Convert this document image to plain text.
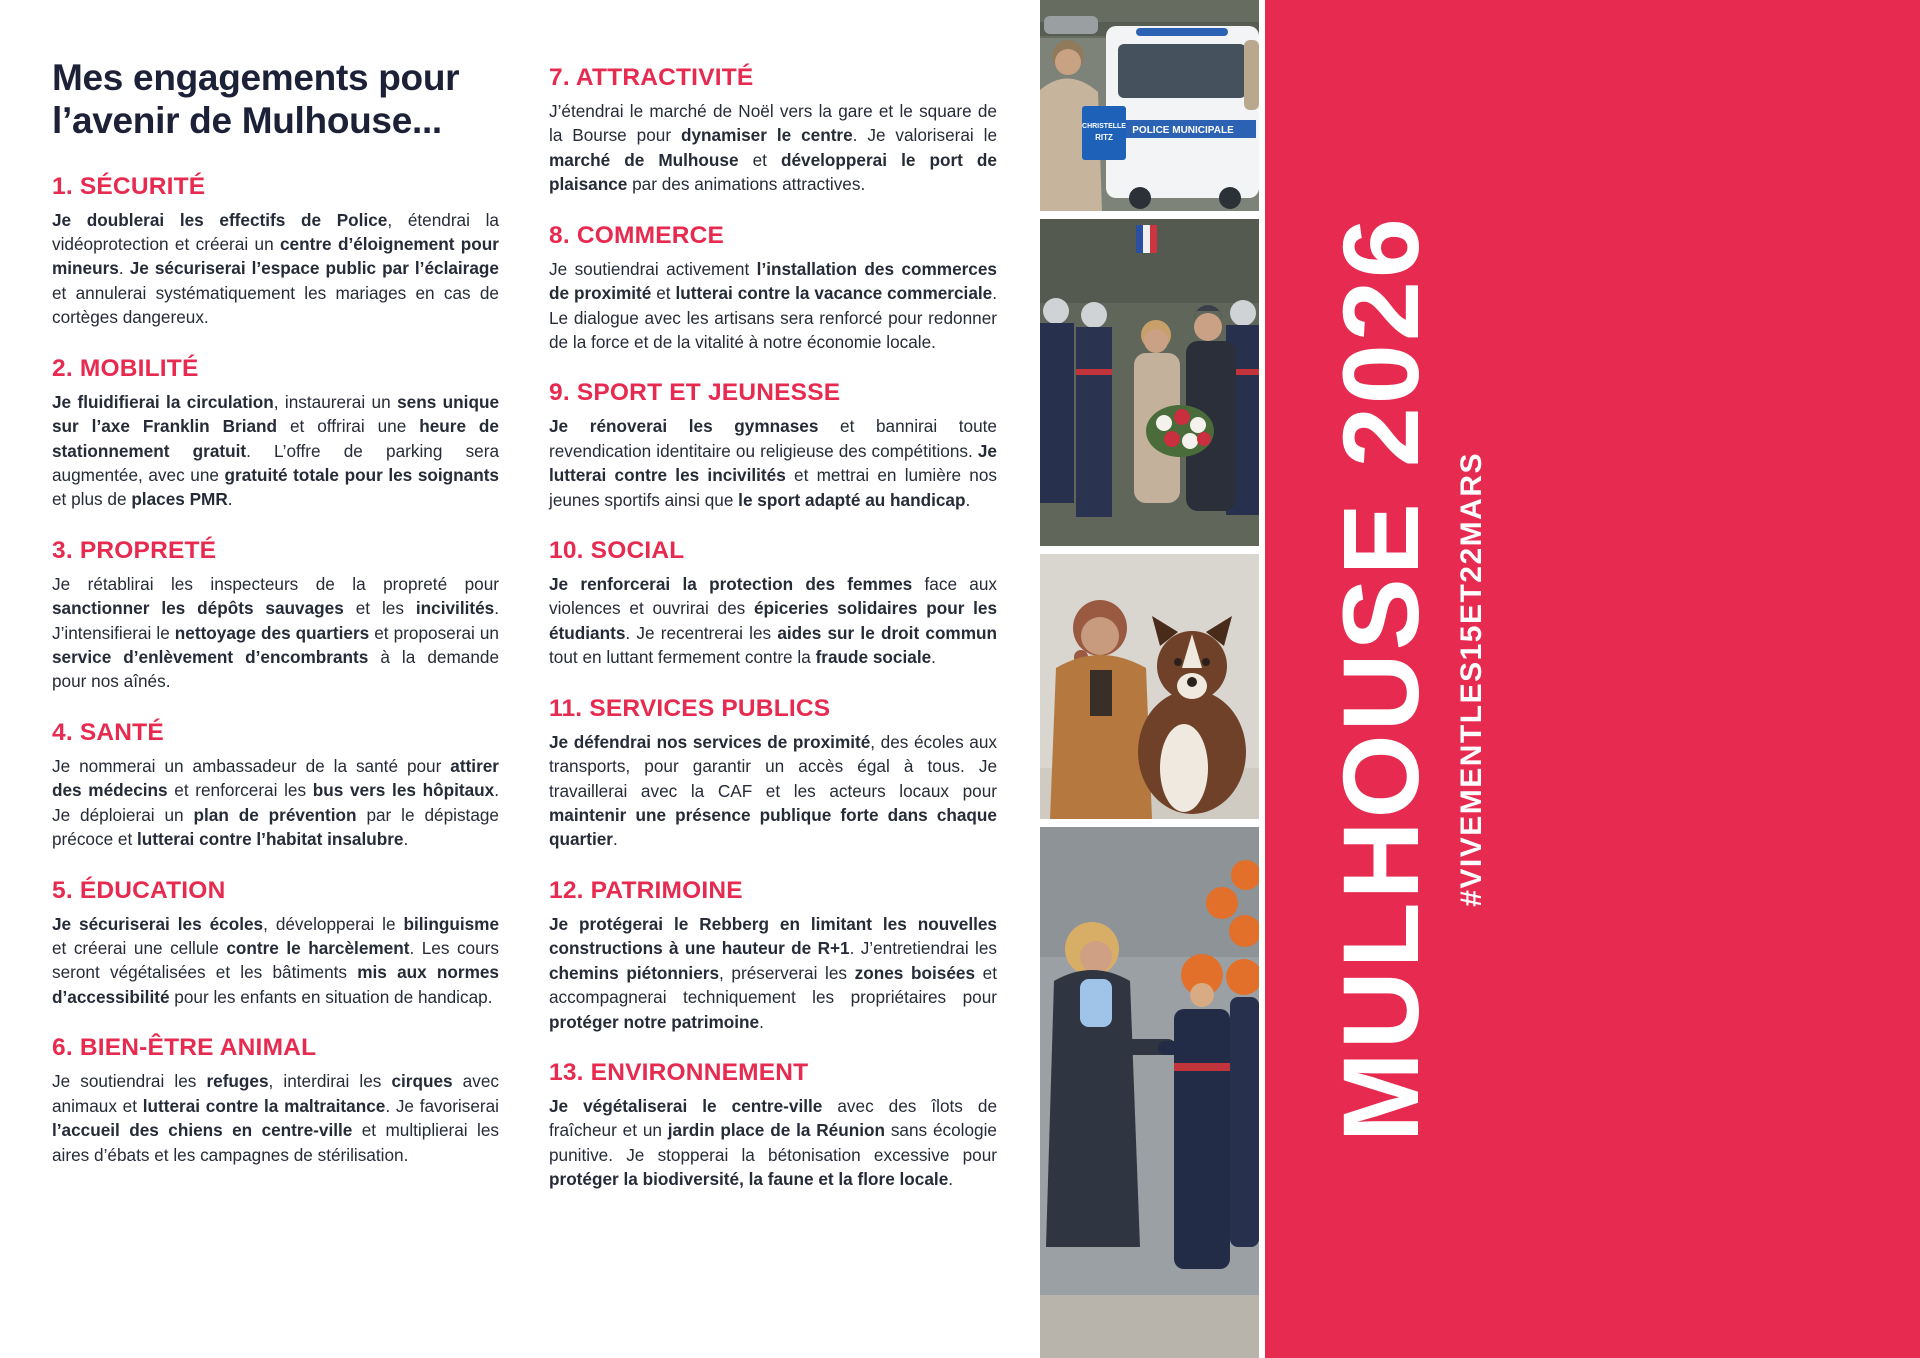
Mes engagements pour
l’avenir de Mulhouse...
1. SÉCURITÉ

Je doublerai les effectifs de Police, étendrai la vidéoprotection et créerai un centre d’éloignement pour mineurs. Je sécuriserai l’espace public par l’éclairage et annulerai systématiquement les mariages en cas de cortèges dangereux.

2. MOBILITÉ

Je fluidifierai la circulation, instaurerai un sens unique sur l’axe Franklin Briand et offrirai une heure de stationnement gratuit. L’offre de parking sera augmentée, avec une gratuité totale pour les soignants et plus de places PMR.

3. PROPRETÉ

Je rétablirai les inspecteurs de la propreté pour sanctionner les dépôts sauvages et les incivilités. J’intensifierai le nettoyage des quartiers et proposerai un service d’enlèvement d’encombrants à la demande pour nos aînés.

4. SANTÉ

Je nommerai un ambassadeur de la santé pour attirer des médecins et renforcerai les bus vers les hôpitaux. Je déploierai un plan de prévention par le dépistage précoce et lutterai contre l’habitat insalubre.

5. ÉDUCATION

Je sécuriserai les écoles, développerai le bilinguisme et créerai une cellule contre le harcèlement. Les cours seront végétalisées et les bâtiments mis aux normes d’accessibilité pour les enfants en situation de handicap.

6. BIEN-ÊTRE ANIMAL

Je soutiendrai les refuges, interdirai les cirques avec animaux et lutterai contre la maltraitance. Je favoriserai l’accueil des chiens en centre-ville et multiplierai les aires d’ébats et les campagnes de stérilisation.

7. ATTRACTIVITÉ

J’étendrai le marché de Noël vers la gare et le square de la Bourse pour dynamiser le centre. Je valoriserai le marché de Mulhouse et développerai le port de plaisance par des animations attractives.

8. COMMERCE

Je soutiendrai activement l’installation des commerces de proximité et lutterai contre la vacance commerciale. Le dialogue avec les artisans sera renforcé pour redonner de la force et de la vitalité à notre économie locale.

9. SPORT ET JEUNESSE

Je rénoverai les gymnases et bannirai toute revendication identitaire ou religieuse des compétitions. Je lutterai contre les incivilités et mettrai en lumière nos jeunes sportifs ainsi que le sport adapté au handicap.

10. SOCIAL

Je renforcerai la protection des femmes face aux violences et ouvrirai des épiceries solidaires pour les étudiants. Je recentrerai les aides sur le droit commun tout en luttant fermement contre la fraude sociale.

11. SERVICES PUBLICS

Je défendrai nos services de proximité, des écoles aux transports, pour garantir un accès égal à tous. Je travaillerai avec la CAF et les acteurs locaux pour maintenir une présence publique forte dans chaque quartier.

12. PATRIMOINE

Je protégerai le Rebberg en limitant les nouvelles constructions à une hauteur de R+1. J’entretiendrai les chemins piétonniers, préserverai les zones boisées et accompagnerai techniquement les propriétaires pour protéger notre patrimoine.

13. ENVIRONNEMENT

Je végétaliserai le centre-ville avec des îlots de fraîcheur et un jardin place de la Réunion sans écologie punitive. Je stopperai la bétonisation excessive pour protéger la biodiversité, la faune et la flore locale.

POLICE MUNICIPALE
CHRISTELLE
RITZ
MULHOUSE 2026 #VIVEMENTLES15ET22MARS
